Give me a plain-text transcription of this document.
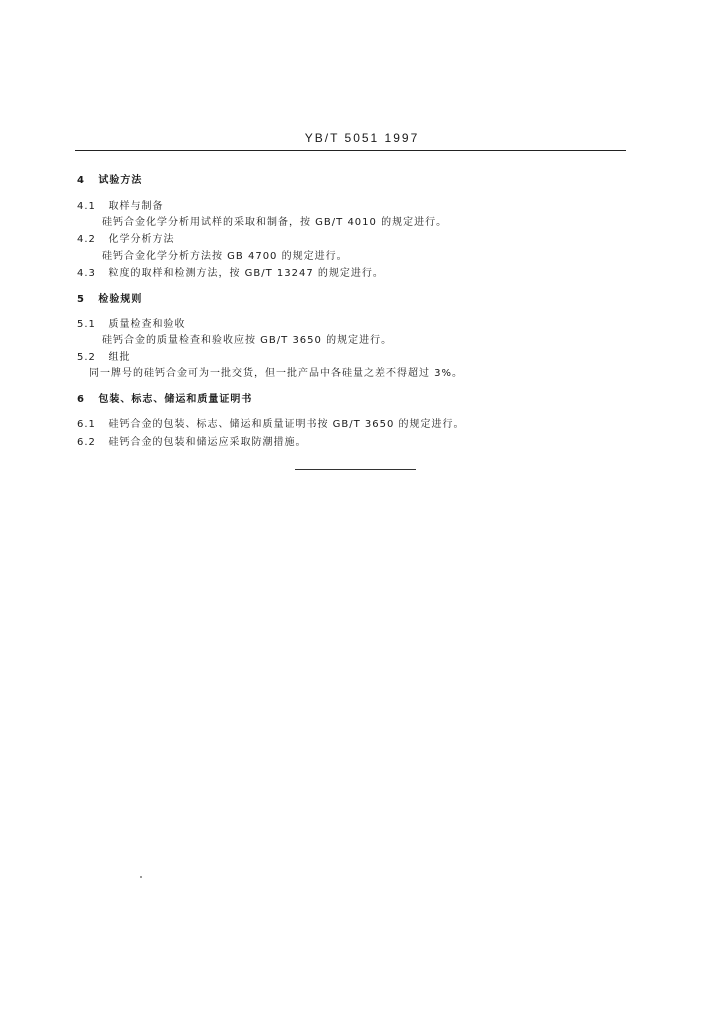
YB/T 5051 1997
4 试验方法
4.1 取样与制备
硅钙合金化学分析用试样的采取和制备，按 GB/T 4010 的规定进行。
4.2 化学分析方法
硅钙合金化学分析方法按 GB 4700 的规定进行。
4.3 粒度的取样和检测方法，按 GB/T 13247 的规定进行。
5 检验规则
5.1 质量检查和验收
硅钙合金的质量检查和验收应按 GB/T 3650 的规定进行。
5.2 组批
同一牌号的硅钙合金可为一批交货，但一批产品中各硅量之差不得超过 3%。
6 包装、标志、储运和质量证明书
6.1 硅钙合金的包装、标志、储运和质量证明书按 GB/T 3650 的规定进行。
6.2 硅钙合金的包装和储运应采取防潮措施。
